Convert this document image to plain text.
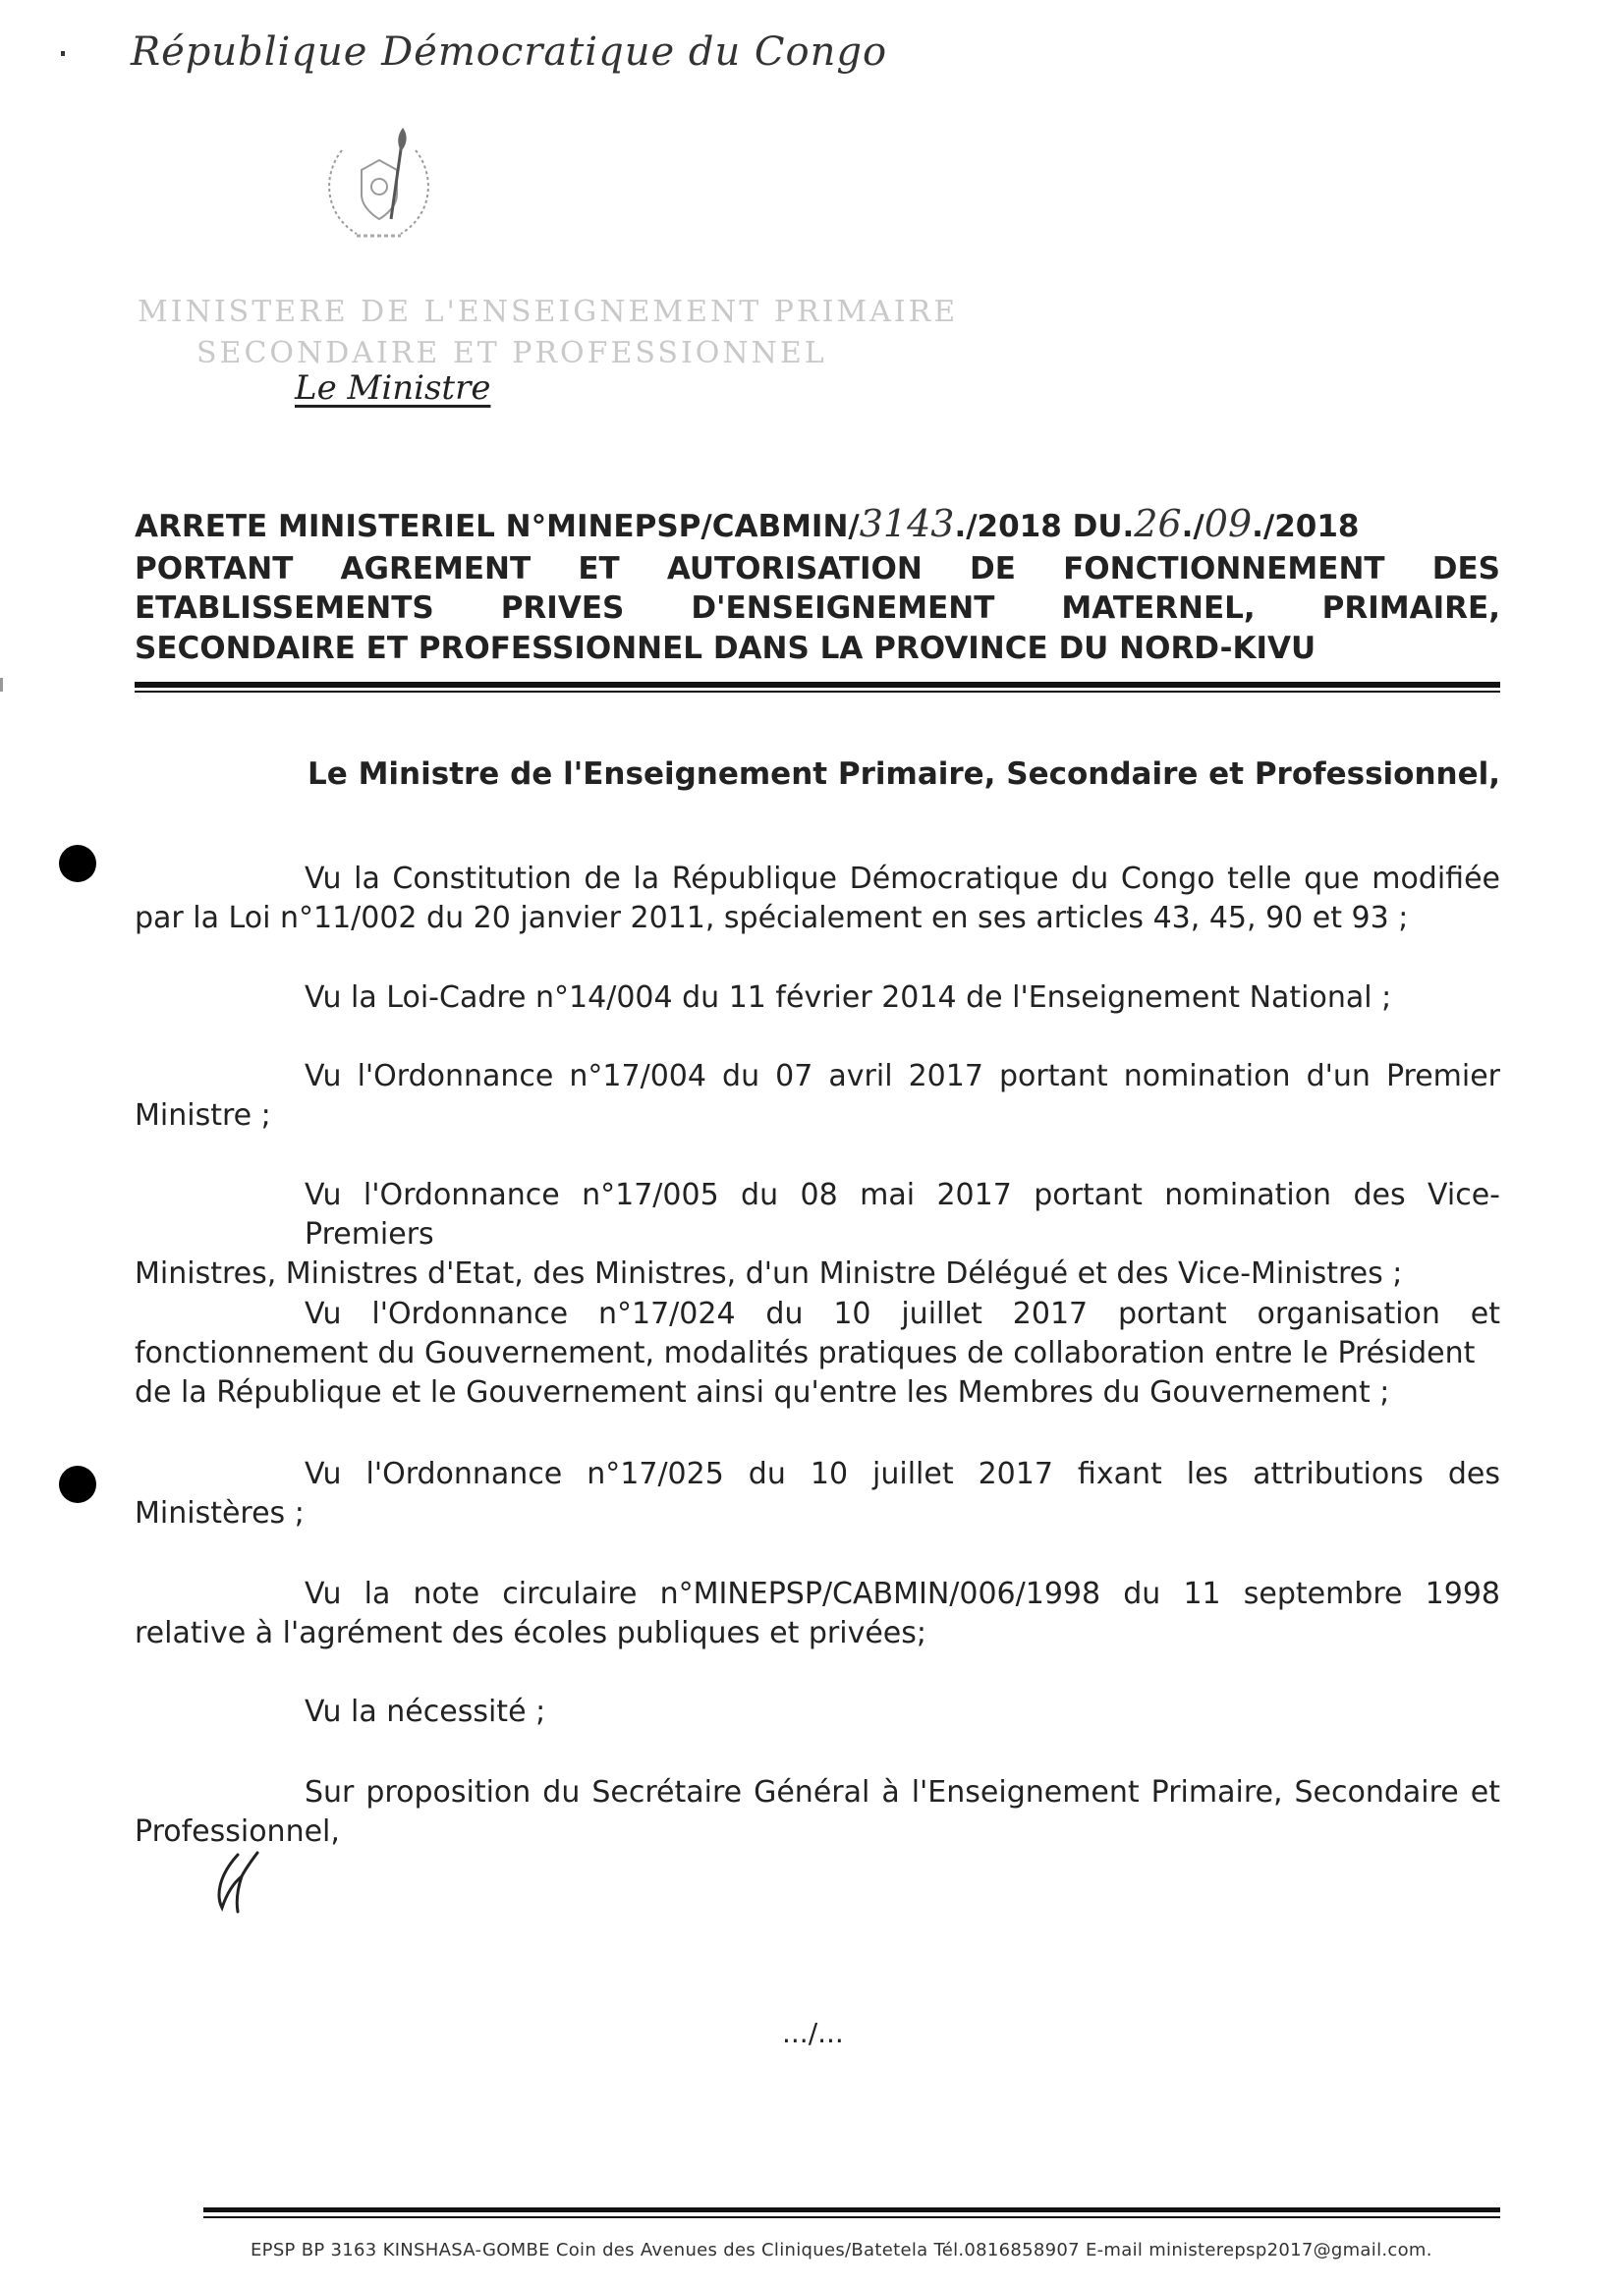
République Démocratique du Congo
MINISTERE DE L'ENSEIGNEMENT PRIMAIRE
SECONDAIRE ET PROFESSIONNEL
Le Ministre
ARRETE MINISTERIEL N°MINEPSP/CABMIN/3143./2018 DU.26./09./2018
PORTANT AGREMENT ET AUTORISATION DE FONCTIONNEMENT DES
ETABLISSEMENTS PRIVES D'ENSEIGNEMENT MATERNEL, PRIMAIRE,
SECONDAIRE ET PROFESSIONNEL DANS LA PROVINCE DU NORD-KIVU
Le Ministre de l'Enseignement Primaire, Secondaire et Professionnel,
Vu la Constitution de la République Démocratique du Congo telle que modifiée
par la Loi n°11/002 du 20 janvier 2011, spécialement en ses articles 43, 45, 90 et 93 ;
Vu la Loi-Cadre n°14/004 du 11 février 2014 de l'Enseignement National ;
Vu l'Ordonnance n°17/004 du 07 avril 2017 portant nomination d'un Premier
Ministre ;
Vu l'Ordonnance n°17/005 du 08 mai 2017 portant nomination des Vice-Premiers
Ministres, Ministres d'Etat, des Ministres, d'un Ministre Délégué et des Vice-Ministres ;
Vu l'Ordonnance n°17/024 du 10 juillet 2017 portant organisation et
fonctionnement du Gouvernement, modalités pratiques de collaboration entre le Président
de la République et le Gouvernement ainsi qu'entre les Membres du Gouvernement ;
Vu l'Ordonnance n°17/025 du 10 juillet 2017 fixant les attributions des
Ministères ;
Vu la note circulaire n°MINEPSP/CABMIN/006/1998 du 11 septembre 1998
relative à l'agrément des écoles publiques et privées;
Vu la nécessité ;
Sur proposition du Secrétaire Général à l'Enseignement Primaire, Secondaire et
Professionnel,
.../...
EPSP BP 3163 KINSHASA-GOMBE Coin des Avenues des Cliniques/Batetela Tél.0816858907 E-mail ministerepsp2017@gmail.com.
